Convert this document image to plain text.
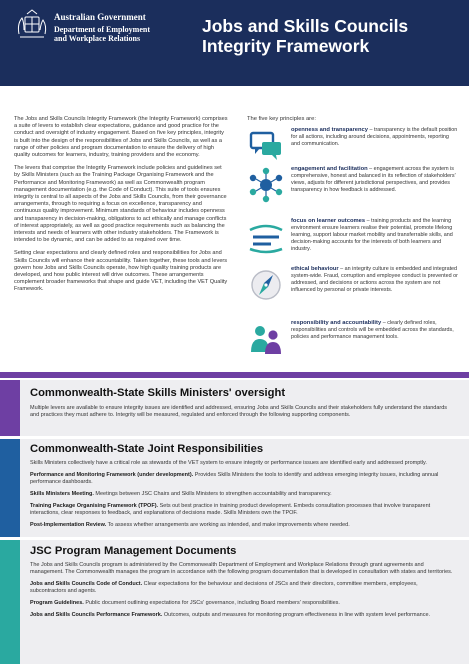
Australian Government
Department of Employment
and Workplace Relations
Jobs and Skills Councils
Integrity Framework

The Jobs and Skills Councils Integrity Framework (the Integrity Framework) comprises a suite of levers to establish clear expectations, guidance and good practice for the conduct and oversight of industry engagement. Based on five key principles, integrity is built into the design of the responsibilities of Jobs and Skills Councils, as well as a range of other policies and program documentation to ensure the delivery of high quality outcomes for learners, industry, training providers and the economy.

The levers that comprise the Integrity Framework include policies and guidelines set by Skills Ministers (such as the Training Package Organising Framework and the Performance and Monitoring Framework) as well as Commonwealth program management documentation (e.g. the Code of Conduct). This suite of tools ensures integrity is central to all aspects of the Jobs and Skills Councils, from their governance arrangements, through to requiring a focus on excellence, transparency and continuous quality improvement. Minimum standards of behaviour includes openness and transparency in decision-making, obligations to act ethically and manage conflicts of interest appropriately, as well as good practice requirements such as balancing the interests and needs of learners with other industry stakeholders. The Framework is intended to be dynamic, and can be added to as required over time.

Setting clear expectations and clearly defined roles and responsibilities for Jobs and Skills Councils will enhance their accountability. Taken together, these tools and levers govern how Jobs and Skills Councils operate, how high quality training products are developed, and how public interest will drive outcomes. These arrangements complement broader frameworks that shape and guide VET, including the VET Quality Framework.

The five key principles are:
openness and transparency – transparency is the default position for all actions, including around decisions, appointments, reporting and communication.
engagement and facilitation – engagement across the system is comprehensive, honest and balanced in its reflection of stakeholders' views, adjusts for different jurisdictional perspectives, and provides transparency in how feedback is addressed.
focus on learner outcomes – training products and the learning environment ensure learners realise their potential, promote lifelong learning, support labour market mobility and transferrable skills, and decision-making accounts for the interests of both learners and industry.
ethical behaviour – an integrity culture is embedded and integrated system-wide. Fraud, corruption and employee conduct is prevented or addressed, and decisions or actions across the system are not influenced by personal or private interests.
responsibility and accountability – clearly defined roles, responsibilities and controls will be embedded across the standards, policies and performance management tools.
Commonwealth-State Skills Ministers' oversight
Multiple levers are available to ensure integrity issues are identified and addressed, ensuring Jobs and Skills Councils and their stakeholders fully understand the standards and practices they must adhere to. Integrity will be measured, regulated and enforced through the following supporting components.
Commonwealth-State Joint Responsibilities

Skills Ministers collectively have a critical role as stewards of the VET system to ensure integrity or performance issues are identified early and addressed promptly.

Performance and Monitoring Framework (under development). Provides Skills Ministers the tools to identify and address emerging integrity issues, including annual performance dashboards.

Skills Ministers Meeting. Meetings between JSC Chairs and Skills Ministers to strengthen accountability and transparency.

Training Package Organising Framework (TPOF). Sets out best practice in training product development. Embeds consultation processes that involve transparent interactions, clear responses to feedback, and explanations of decisions made. Skills Ministers own the TPOF.

Post-Implementation Review. To assess whether arrangements are working as intended, and make improvements where needed.

JSC Program Management Documents

The Jobs and Skills Councils program is administered by the Commonwealth Department of Employment and Workplace Relations through grant agreements and management. The Commonwealth manages the program in accordance with the following program documentation that is developed in consultation with states and territories.

Jobs and Skills Councils Code of Conduct. Clear expectations for the behaviour and decisions of JSCs and their directors, committee members, employees, subcontractors and agents.

Program Guidelines. Public document outlining expectations for JSCs' governance, including Board members' responsibilities.

Jobs and Skills Councils Performance Framework. Outcomes, outputs and measures for monitoring program effectiveness in line with system level performance.
